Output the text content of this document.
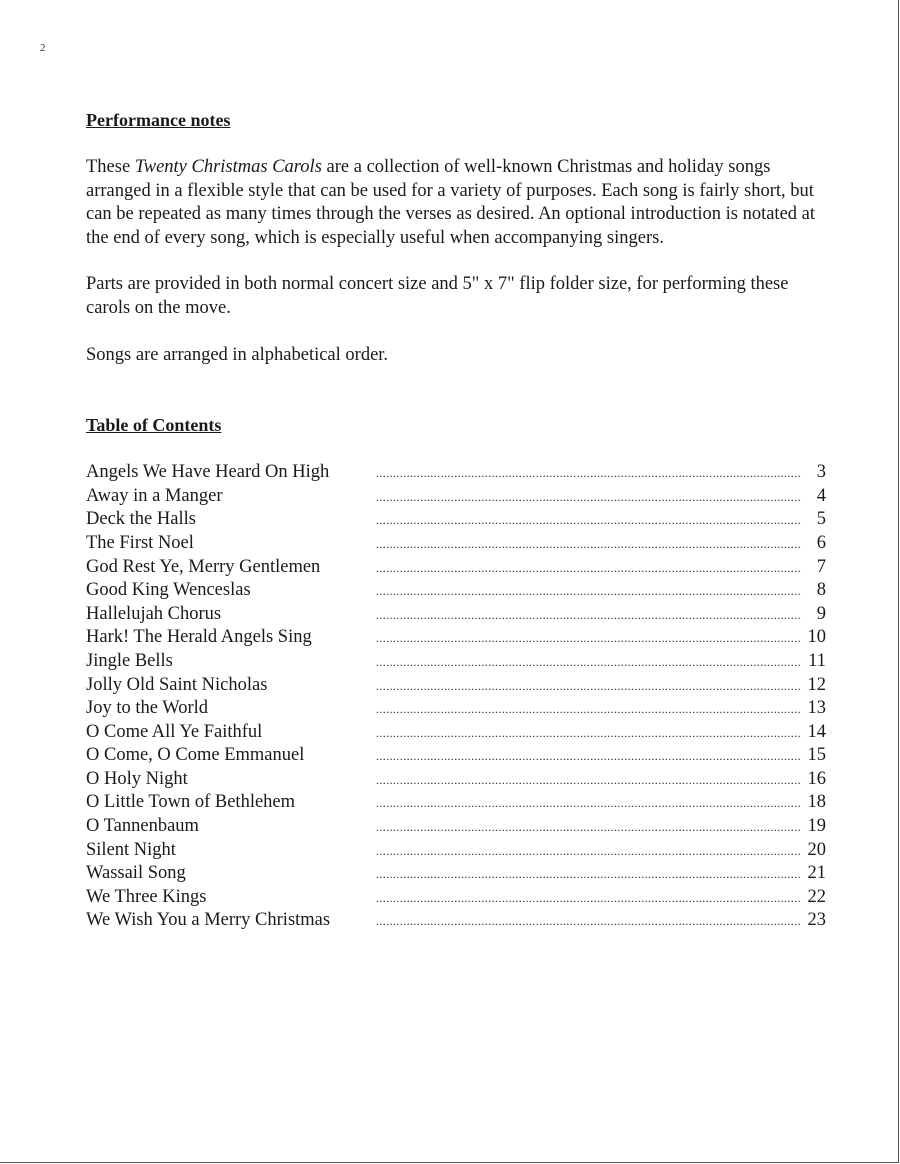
2
Performance notes

These Twenty Christmas Carols are a collection of well-known Christmas and holiday songs arranged in a flexible style that can be used for a variety of purposes. Each song is fairly short, but can be repeated as many times through the verses as desired. An optional introduction is notated at the end of every song, which is especially useful when accompanying singers.

Parts are provided in both normal concert size and 5" x 7" flip folder size, for performing these carols on the move.

Songs are arranged in alphabetical order.

Table of Contents
Angels We Have Heard On High .....	3
Away in a Manger .....	4
Deck the Halls .....	5
The First Noel .....	6
God Rest Ye, Merry Gentlemen .....	7
Good King Wenceslas .....	8
Hallelujah Chorus .....	9
Hark! The Herald Angels Sing .....	10
Jingle Bells .....	11
Jolly Old Saint Nicholas .....	12
Joy to the World .....	13
O Come All Ye Faithful .....	14
O Come, O Come Emmanuel .....	15
O Holy Night .....	16
O Little Town of Bethlehem .....	18
O Tannenbaum .....	19
Silent Night .....	20
Wassail Song .....	21
We Three Kings .....	22
We Wish You a Merry Christmas .....	23
